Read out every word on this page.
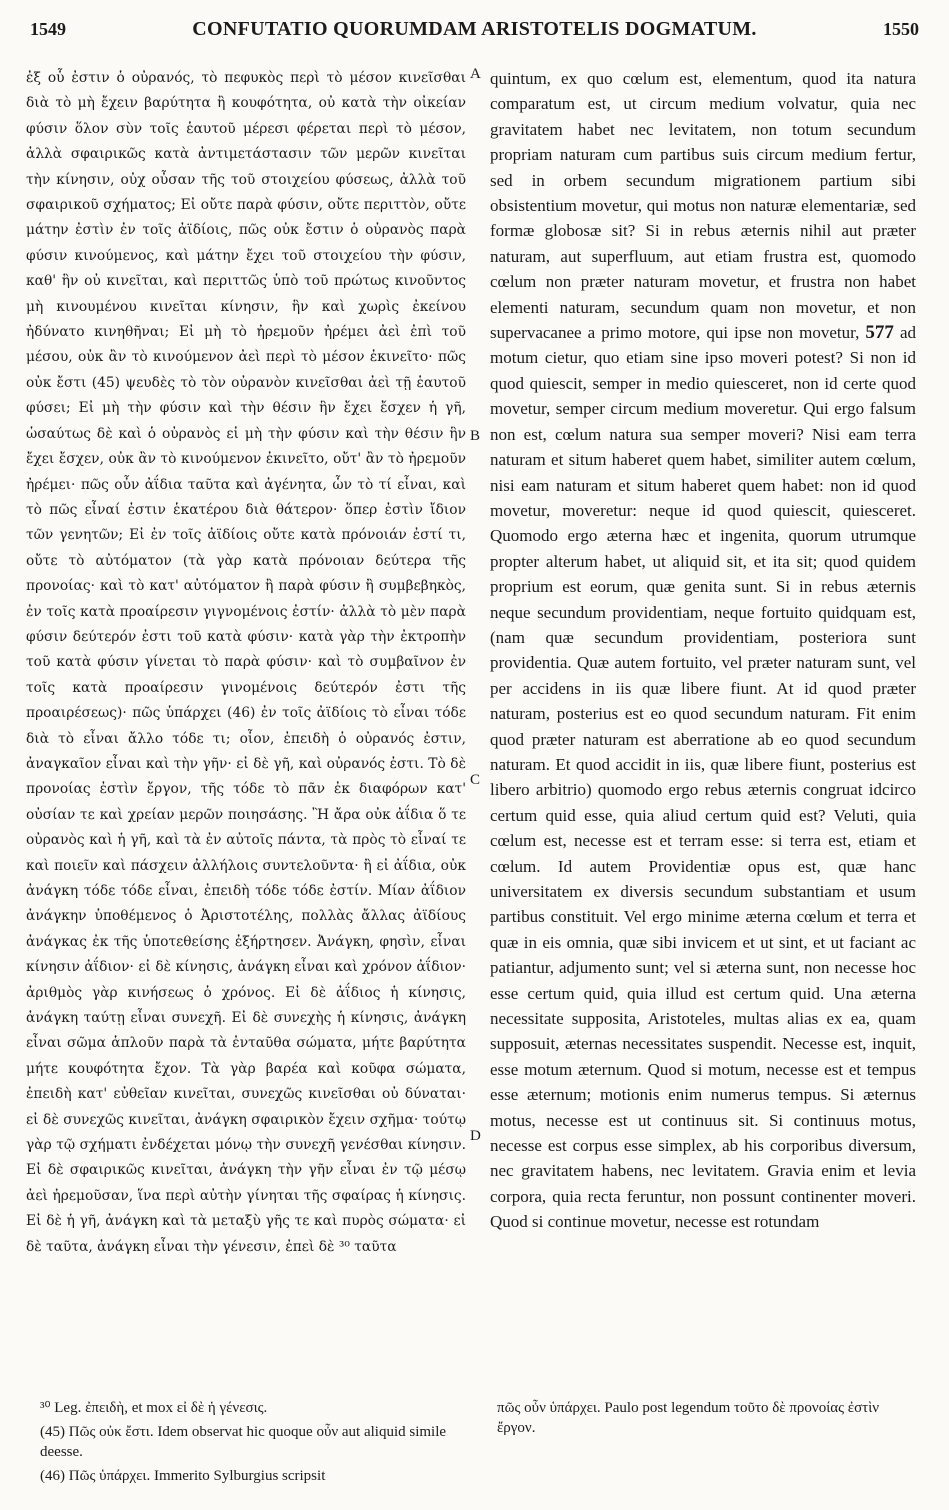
1549	CONFUTATIO QUORUMDAM ARISTOTELIS DOGMATUM.	1550

ἐξ οὗ ἐστιν ὁ οὐρανός, τὸ πεφυκὸς περὶ τὸ μέσον κινεῖσθαι διὰ τὸ μὴ ἔχειν βαρύτητα ἢ κουφότητα, οὐ κατὰ τὴν οἰκείαν φύσιν ὅλον σὺν τοῖς ἑαυτοῦ μέρεσι φέρεται περὶ τὸ μέσον, ἀλλὰ σφαιρικῶς κατὰ ἀντιμετάστασιν τῶν μερῶν κινεῖται τὴν κίνησιν, οὐχ οὖσαν τῆς τοῦ στοιχείου φύσεως, ἀλλὰ τοῦ σφαιρικοῦ σχήματος; Εἰ οὔτε παρὰ φύσιν, οὔτε περιττὸν, οὔτε μάτην ἐστὶν ἐν τοῖς ἀϊδίοις, πῶς οὐκ ἔστιν ὁ οὐρανὸς παρὰ φύσιν κινούμενος, καὶ μάτην ἔχει τοῦ στοιχείου τὴν φύσιν, καθ' ἣν οὐ κινεῖται, καὶ περιττῶς ὑπὸ τοῦ πρώτως κινοῦντος μὴ κινουμένου κινεῖται κίνησιν, ἣν καὶ χωρὶς ἐκείνου ἠδύνατο κινηθῆναι; Εἰ μὴ τὸ ἠρεμοῦν ἠρέμει ἀεὶ ἐπὶ τοῦ μέσου, οὐκ ἂν τὸ κινούμενον ἀεὶ περὶ τὸ μέσον ἐκινεῖτο· πῶς οὐκ ἔστι (45) ψευδὲς τὸ τὸν οὐρανὸν κινεῖσθαι ἀεὶ τῇ ἑαυτοῦ φύσει; Εἰ μὴ τὴν φύσιν καὶ τὴν θέσιν ἣν ἔχει ἔσχεν ἡ γῆ, ὡσαύτως δὲ καὶ ὁ οὐρανὸς εἰ μὴ τὴν φύσιν καὶ τὴν θέσιν ἣν ἔχει ἔσχεν, οὐκ ἂν τὸ κινούμενον ἐκινεῖτο, οὔτ' ἂν τὸ ἠρεμοῦν ἠρέμει· πῶς οὖν ἀΐδια ταῦτα καὶ ἀγένητα, ὧν τὸ τί εἶναι, καὶ τὸ πῶς εἶναί ἐστιν ἑκατέρου διὰ θάτερον· ὅπερ ἐστὶν ἴδιον τῶν γενητῶν; Εἰ ἐν τοῖς ἀϊδίοις οὔτε κατὰ πρόνοιάν ἐστί τι, οὔτε τὸ αὐτόματον (τὰ γὰρ κατὰ πρόνοιαν δεύτερα τῆς προνοίας· καὶ τὸ κατ' αὐτόματον ἢ παρὰ φύσιν ἢ συμβεβηκὸς, ἐν τοῖς κατὰ προαίρεσιν γιγνομένοις ἐστίν· ἀλλὰ τὸ μὲν παρὰ φύσιν δεύτερόν ἐστι τοῦ κατὰ φύσιν· κατὰ γὰρ τὴν ἐκτροπὴν τοῦ κατὰ φύσιν γίνεται τὸ παρὰ φύσιν· καὶ τὸ συμβαῖνον ἐν τοῖς κατὰ προαίρεσιν γινομένοις δεύτερόν ἐστι τῆς προαιρέσεως)· πῶς ὑπάρχει (46) ἐν τοῖς ἀϊδίοις τὸ εἶναι τόδε διὰ τὸ εἶναι ἄλλο τόδε τι; οἷον, ἐπειδὴ ὁ οὐρανός ἐστιν, ἀναγκαῖον εἶναι καὶ τὴν γῆν· εἰ δὲ γῆ, καὶ οὐρανός ἐστι. Τὸ δὲ προνοίας ἐστὶν ἔργον, τῆς τόδε τὸ πᾶν ἐκ διαφόρων κατ' οὐσίαν τε καὶ χρείαν μερῶν ποιησάσης. Ἢ ἄρα οὐκ ἀΐδια ὅ τε οὐρανὸς καὶ ἡ γῆ, καὶ τὰ ἐν αὐτοῖς πάντα, τὰ πρὸς τὸ εἶναί τε καὶ ποιεῖν καὶ πάσχειν ἀλλήλοις συντελοῦντα· ἢ εἰ ἀΐδια, οὐκ ἀνάγκη τόδε τόδε εἶναι, ἐπειδὴ τόδε τόδε ἐστίν. Μίαν ἀΐδιον ἀνάγκην ὑποθέμενος ὁ Ἀριστοτέλης, πολλὰς ἄλλας ἀϊδίους ἀνάγκας ἐκ τῆς ὑποτεθείσης ἐξήρτησεν. Ἀνάγκη, φησὶν, εἶναι κίνησιν ἀΐδιον· εἰ δὲ κίνησις, ἀνάγκη εἶναι καὶ χρόνον ἀΐδιον· ἀριθμὸς γὰρ κινήσεως ὁ χρόνος. Εἰ δὲ ἀΐδιος ἡ κίνησις, ἀνάγκη ταύτῃ εἶναι συνεχῆ. Εἰ δὲ συνεχὴς ἡ κίνησις, ἀνάγκη εἶναι σῶμα ἁπλοῦν παρὰ τὰ ἐνταῦθα σώματα, μήτε βαρύτητα μήτε κουφότητα ἔχον. Τὰ γὰρ βαρέα καὶ κοῦφα σώματα, ἐπειδὴ κατ' εὐθεῖαν κινεῖται, συνεχῶς κινεῖσθαι οὐ δύναται· εἰ δὲ συνεχῶς κινεῖται, ἀνάγκη σφαιρικὸν ἔχειν σχῆμα· τούτῳ γὰρ τῷ σχήματι ἐνδέχεται μόνῳ τὴν συνεχῆ γενέσθαι κίνησιν. Εἰ δὲ σφαιρικῶς κινεῖται, ἀνάγκη τὴν γῆν εἶναι ἐν τῷ μέσῳ ἀεὶ ἠρεμοῦσαν, ἵνα περὶ αὐτὴν γίνηται τῆς σφαίρας ἡ κίνησις. Εἰ δὲ ἡ γῆ, ἀνάγκη καὶ τὰ μεταξὺ γῆς τε καὶ πυρὸς σώματα· εἰ δὲ ταῦτα, ἀνάγκη εἶναι τὴν γένεσιν, ἐπεὶ δὲ ³⁰ ταῦτα

A
B
C
D

quintum, ex quo cœlum est, elementum, quod ita natura comparatum est, ut circum medium volvatur, quia nec gravitatem habet nec levitatem, non totum secundum propriam naturam cum partibus suis circum medium fertur, sed in orbem secundum migrationem partium sibi obsistentium movetur, qui motus non naturæ elementariæ, sed formæ globosæ sit? Si in rebus æternis nihil aut præter naturam, aut superfluum, aut etiam frustra est, quomodo cœlum non præter naturam movetur, et frustra non habet elementi naturam, secundum quam non movetur, et non supervacanee a primo motore, qui ipse non movetur, 577 ad motum cietur, quo etiam sine ipso moveri potest? Si non id quod quiescit, semper in medio quiesceret, non id certe quod movetur, semper circum medium moveretur. Qui ergo falsum non est, cœlum natura sua semper moveri? Nisi eam terra naturam et situm haberet quem habet, similiter autem cœlum, nisi eam naturam et situm haberet quem habet: non id quod movetur, moveretur: neque id quod quiescit, quiesceret. Quomodo ergo æterna hæc et ingenita, quorum utrumque propter alterum habet, ut aliquid sit, et ita sit; quod quidem proprium est eorum, quæ genita sunt. Si in rebus æternis neque secundum providentiam, neque fortuito quidquam est, (nam quæ secundum providentiam, posteriora sunt providentia. Quæ autem fortuito, vel præter naturam sunt, vel per accidens in iis quæ libere fiunt. At id quod præter naturam, posterius est eo quod secundum naturam. Fit enim quod præter naturam est aberratione ab eo quod secundum naturam. Et quod accidit in iis, quæ libere fiunt, posterius est libero arbitrio) quomodo ergo rebus æternis congruat idcirco certum quid esse, quia aliud certum quid est? Veluti, quia cœlum est, necesse est et terram esse: si terra est, etiam et cœlum. Id autem Providentiæ opus est, quæ hanc universitatem ex diversis secundum substantiam et usum partibus constituit. Vel ergo minime æterna cœlum et terra et quæ in eis omnia, quæ sibi invicem et ut sint, et ut faciant ac patiantur, adjumento sunt; vel si æterna sunt, non necesse hoc esse certum quid, quia illud est certum quid. Una æterna necessitate supposita, Aristoteles, multas alias ex ea, quam supposuit, æternas necessitates suspendit. Necesse est, inquit, esse motum æternum. Quod si motum, necesse est et tempus esse æternum; motionis enim numerus tempus. Si æternus motus, necesse est ut continuus sit. Si continuus motus, necesse est corpus esse simplex, ab his corporibus diversum, nec gravitatem habens, nec levitatem. Gravia enim et levia corpora, quia recta feruntur, non possunt continenter moveri. Quod si continue movetur, necesse est rotundam

³⁰ Leg. ἐπειδὴ, et mox εἰ δὲ ἡ γένεσις.
(45) Πῶς οὐκ ἔστι. Idem observat hic quoque οὖν aut aliquid simile deesse.
(46) Πῶς ὑπάρχει. Immerito Sylburgius scripsit
πῶς οὖν ὑπάρχει. Paulo post legendum τοῦτο δὲ προνοίας ἐστὶν ἔργον.
